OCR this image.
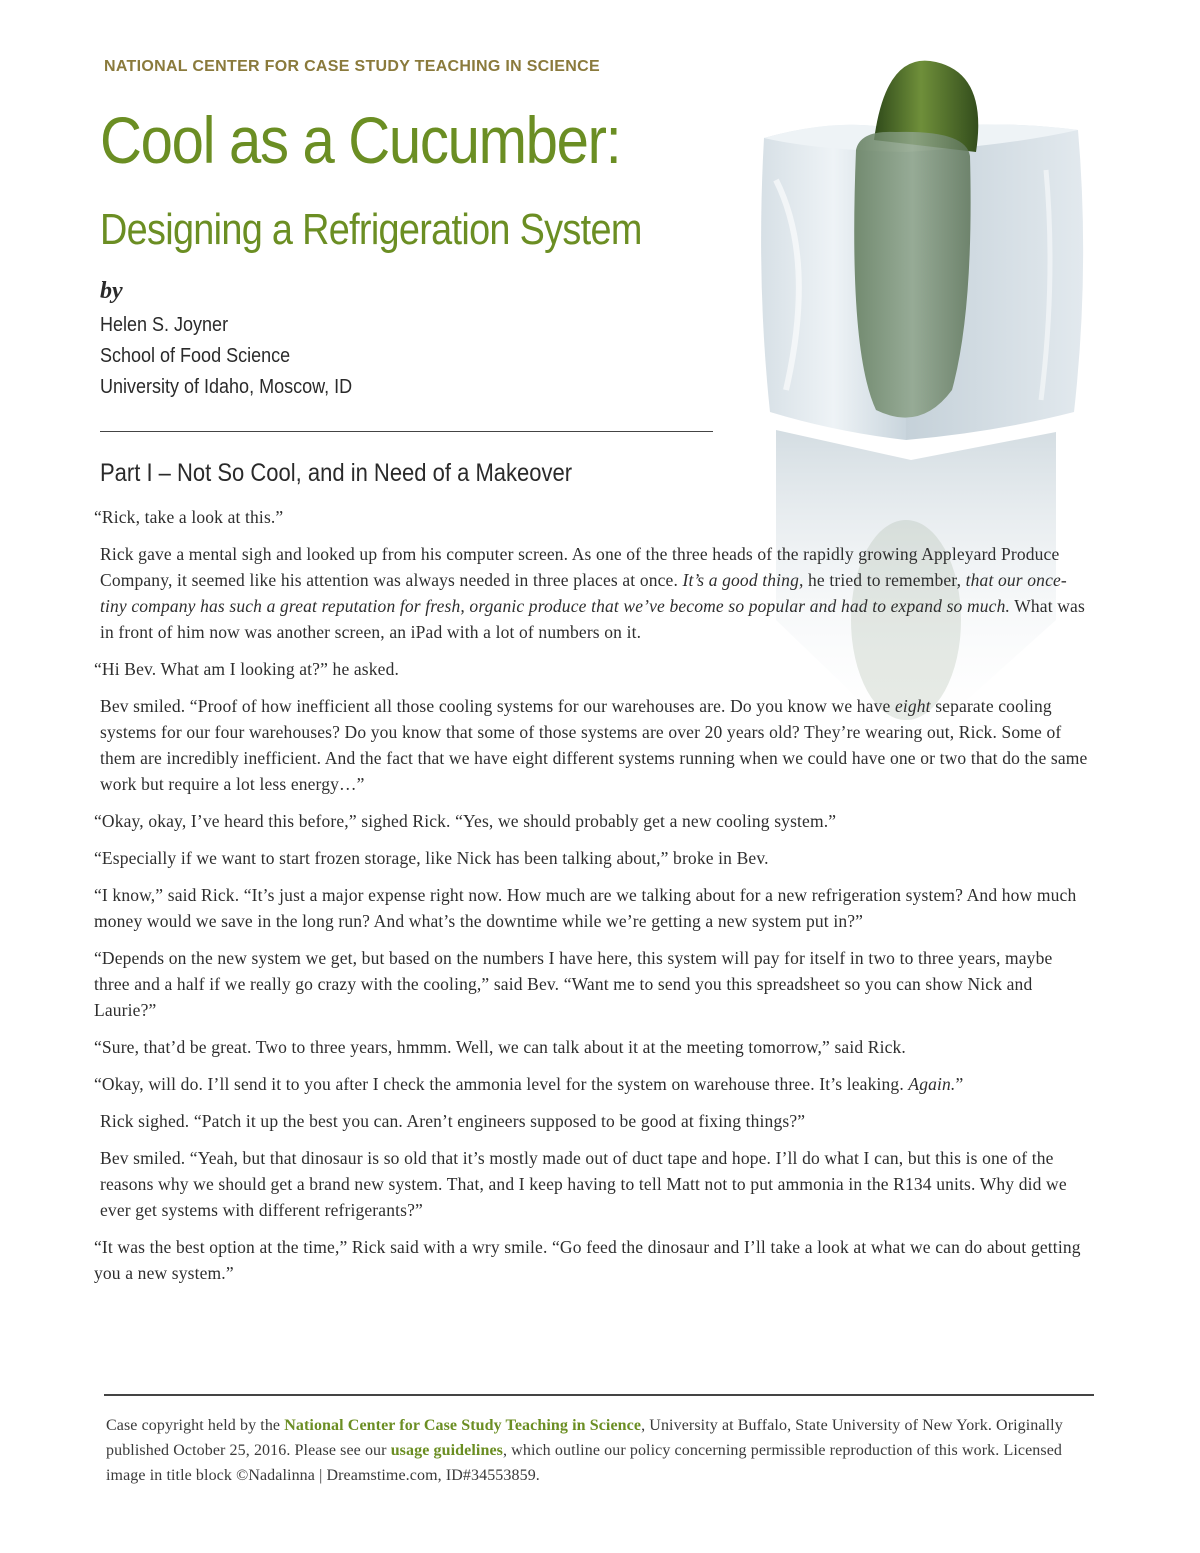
NATIONAL CENTER FOR CASE STUDY TEACHING IN SCIENCE
Cool as a Cucumber:
Designing a Refrigeration System
by
Helen S. Joyner
School of Food Science
University of Idaho, Moscow, ID
Part I – Not So Cool, and in Need of a Makeover

“Rick, take a look at this.”

Rick gave a mental sigh and looked up from his computer screen. As one of the three heads of the rapidly growing Appleyard Produce Company, it seemed like his attention was always needed in three places at once. It’s a good thing, he tried to remember, that our once-tiny company has such a great reputation for fresh, organic produce that we’ve become so popular and had to expand so much. What was in front of him now was another screen, an iPad with a lot of numbers on it.

“Hi Bev. What am I looking at?” he asked.

Bev smiled. “Proof of how inefficient all those cooling systems for our warehouses are. Do you know we have eight separate cooling systems for our four warehouses? Do you know that some of those systems are over 20 years old? They’re wearing out, Rick. Some of them are incredibly inefficient. And the fact that we have eight different systems running when we could have one or two that do the same work but require a lot less energy…”

“Okay, okay, I’ve heard this before,” sighed Rick. “Yes, we should probably get a new cooling system.”

“Especially if we want to start frozen storage, like Nick has been talking about,” broke in Bev.

“I know,” said Rick. “It’s just a major expense right now. How much are we talking about for a new refrigeration system? And how much money would we save in the long run? And what’s the downtime while we’re getting a new system put in?”

“Depends on the new system we get, but based on the numbers I have here, this system will pay for itself in two to three years, maybe three and a half if we really go crazy with the cooling,” said Bev. “Want me to send you this spreadsheet so you can show Nick and Laurie?”

“Sure, that’d be great. Two to three years, hmmm. Well, we can talk about it at the meeting tomorrow,” said Rick.

“Okay, will do. I’ll send it to you after I check the ammonia level for the system on warehouse three. It’s leaking. Again.”

Rick sighed. “Patch it up the best you can. Aren’t engineers supposed to be good at fixing things?”

Bev smiled. “Yeah, but that dinosaur is so old that it’s mostly made out of duct tape and hope. I’ll do what I can, but this is one of the reasons why we should get a brand new system. That, and I keep having to tell Matt not to put ammonia in the R134 units. Why did we ever get systems with different refrigerants?”

“It was the best option at the time,” Rick said with a wry smile. “Go feed the dinosaur and I’ll take a look at what we can do about getting you a new system.”

Case copyright held by the National Center for Case Study Teaching in Science, University at Buffalo, State University of New York. Originally published October 25, 2016. Please see our usage guidelines, which outline our policy concerning permissible reproduction of this work. Licensed image in title block ©Nadalinna | Dreamstime.com, ID#34553859.
